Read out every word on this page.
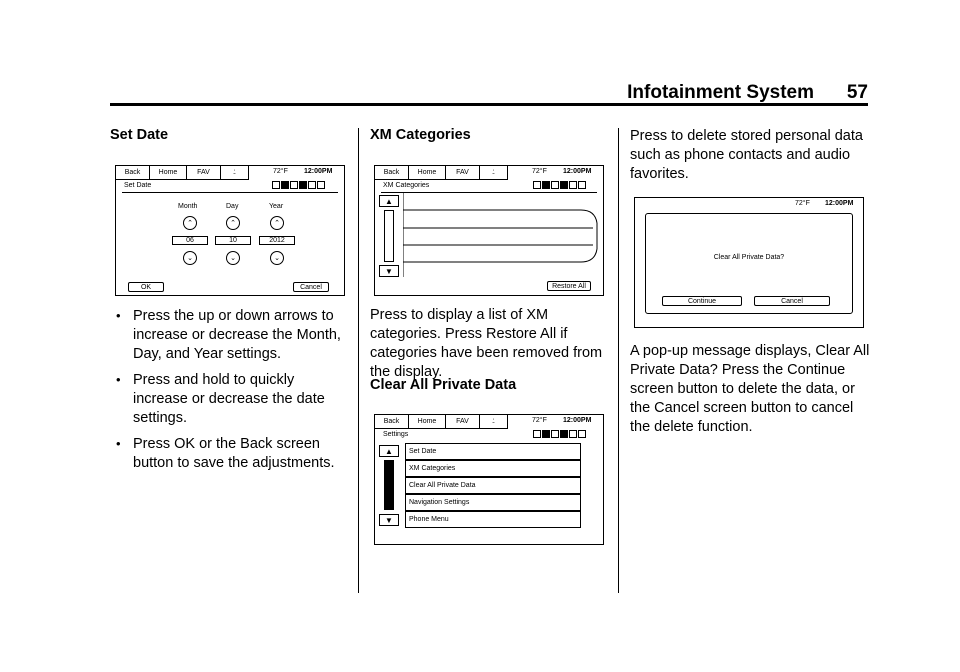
Infotainment System 57
Set Date
Back	Home	FAV	⍘	72°F 12:00PM
Set Date
Month	Day	Year
⌃	⌃	⌃
06	10	2012
⌄	⌄	⌄
OK	Cancel
• Press the up or down arrows to increase or decrease the Month, Day, and Year settings.
• Press and hold to quickly increase or decrease the date settings.
• Press OK or the Back screen button to save the adjustments.
XM Categories
Back	Home	FAV	⍘	72°F 12:00PM
XM Categories
▲
▼
Restore All
Press to display a list of XM categories. Press Restore All if categories have been removed from the display.
Clear All Private Data
Back	Home	FAV	⍘	72°F 12:00PM
Settings
▲
▼
Set Date
XM Categories
Clear All Private Data
Navigation Settings
Phone Menu
Press to delete stored personal data such as phone contacts and audio favorites.
72°F 12:00PM
Clear All Private Data?
Continue	Cancel
A pop-up message displays, Clear All Private Data? Press the Continue screen button to delete the data, or the Cancel screen button to cancel the delete function.
